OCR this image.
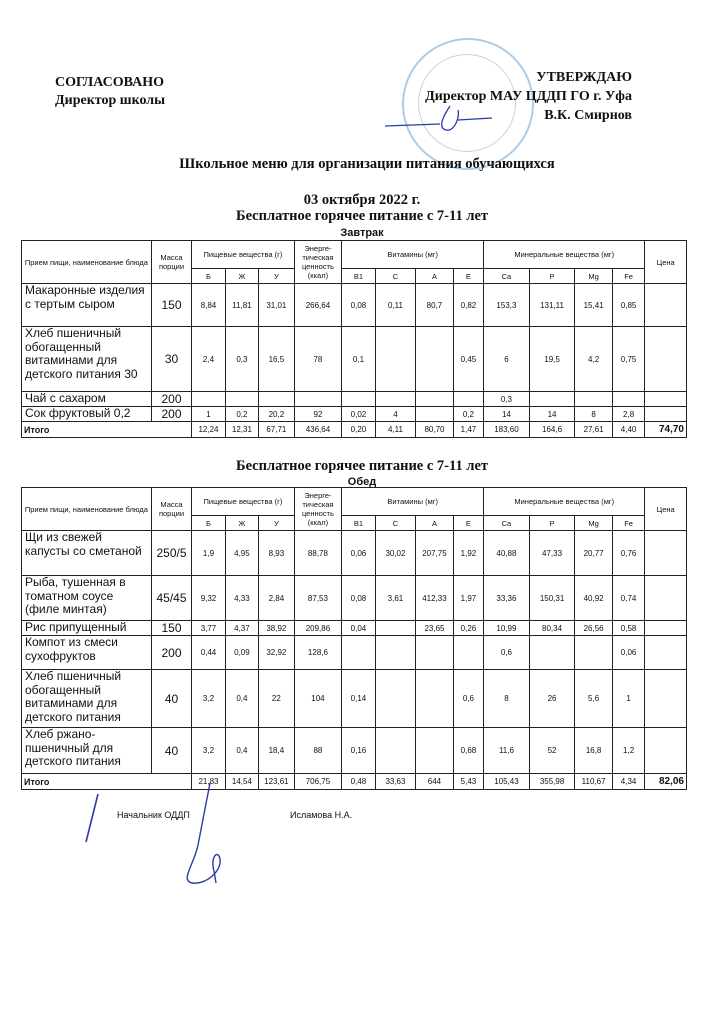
СОГЛАСОВАНО
Директор школы
УТВЕРЖДАЮ
Директор МАУ ЦДДП ГО г. Уфа
В.К. Смирнов
Школьное меню для организации питания обучающихся
03 октября 2022 г.
Бесплатное горячее питание с 7-11 лет
Завтрак
Прием пищи, наименование блюда	Масса порции	Пищевые вещества (г)			Энерге-тическая ценность (ккал)	Витамины (мг)				Минеральные вещества (мг)				Цена
		Б	Ж	У		B1	C	A	E	Ca	P	Mg	Fe	
Макаронные изделия с тертым сыром	150	8,84	11,81	31,01	266,64	0,08	0,11	80,7	0,82	153,3	131,11	15,41	0,85	
Хлеб пшеничный обогащенный витаминами для детского питания 30	30	2,4	0,3	16,5	78	0,1			0,45	6	19,5	4,2	0,75	
Чай с сахаром	200									0,3				
Сок фруктовый 0,2	200	1	0,2	20,2	92	0,02	4		0,2	14	14	8	2,8	
Итого		12,24	12,31	67,71	436,64	0,20	4,11	80,70	1,47	183,60	164,6	27,61	4,40	74,70
Бесплатное горячее питание с 7-11 лет
Обед
Прием пищи, наименование блюда	Масса порции	Пищевые вещества (г)			Энерге-тическая ценность (ккал)	Витамины (мг)				Минеральные вещества (мг)				Цена
		Б	Ж	У		B1	C	A	E	Ca	P	Mg	Fe	
Щи из свежей капусты со сметаной	250/5	1,9	4,95	8,93	88,78	0,06	30,02	207,75	1,92	40,88	47,33	20,77	0,76	
Рыба, тушенная в томатном соусе (филе минтая)	45/45	9,32	4,33	2,84	87,53	0,08	3,61	412,33	1,97	33,36	150,31	40,92	0,74	
Рис припущенный	150	3,77	4,37	38,92	209,86	0,04		23,65	0,26	10,99	80,34	26,56	0,58	
Компот из смеси сухофруктов	200	0,44	0,09	32,92	128,6					0,6			0,06	
Хлеб пшеничный обогащенный витаминами для детского питания	40	3,2	0,4	22	104	0,14			0,6	8	26	5,6	1	
Хлеб ржано-пшеничный для детского питания	40	3,2	0,4	18,4	88	0,16			0,68	11,6	52	16,8	1,2	
Итого		21,83	14,54	123,61	706,75	0,48	33,63	644	5,43	105,43	355,98	110,67	4,34	82,06
Начальник ОДДП	Исламова Н.А.
